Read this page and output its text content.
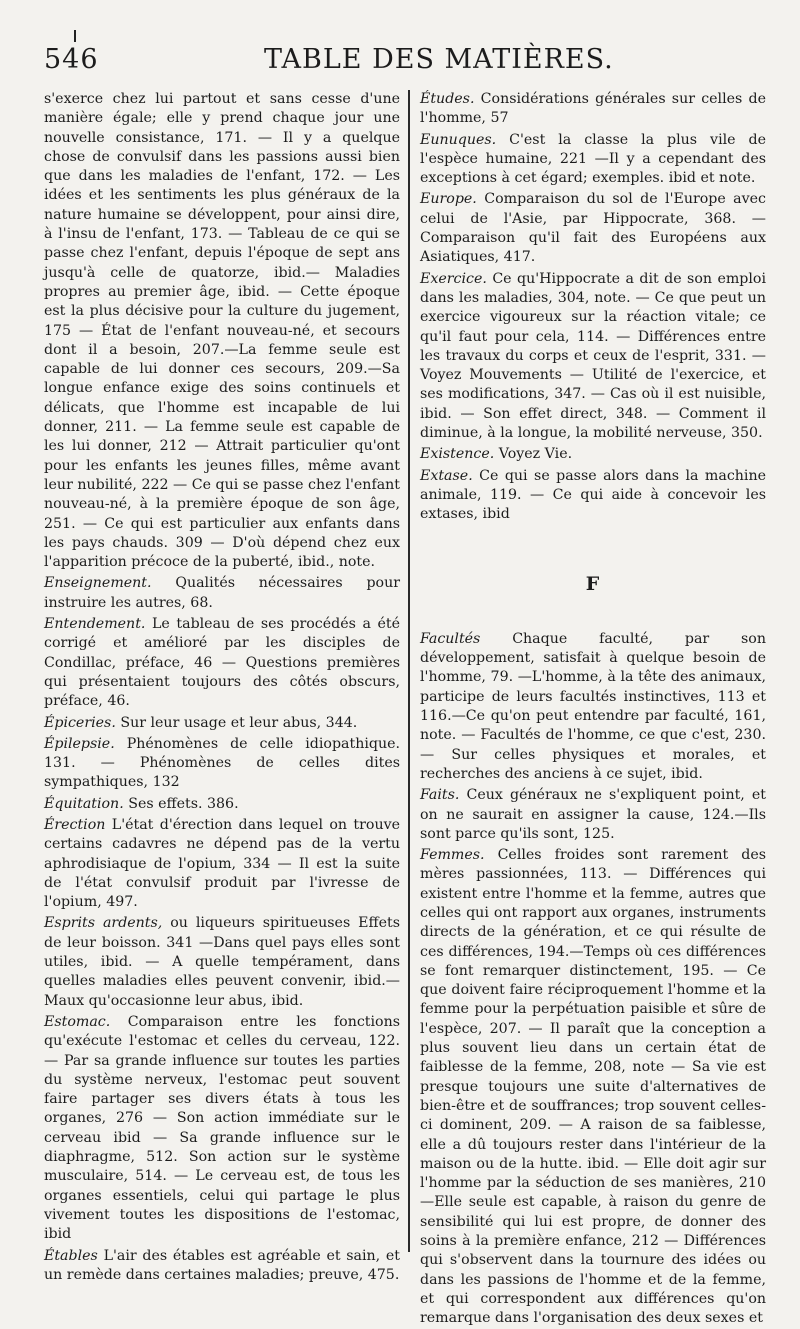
546	TABLE DES MATIÈRES.
s'exerce chez lui partout et sans cesse d'une manière égale; elle y prend chaque jour une nouvelle consistance, 171. — Il y a quelque chose de convulsif dans les passions aussi bien que dans les maladies de l'enfant, 172. — Les idées et les sentiments les plus généraux de la nature humaine se développent, pour ainsi dire, à l'insu de l'enfant, 173. — Tableau de ce qui se passe chez l'enfant, depuis l'époque de sept ans jusqu'à celle de quatorze, ibid.— Maladies propres au premier âge, ibid. — Cette époque est la plus décisive pour la culture du jugement, 175 — État de l'enfant nouveau-né, et secours dont il a besoin, 207.—La femme seule est capable de lui donner ces secours, 209.—Sa longue enfance exige des soins continuels et délicats, que l'homme est incapable de lui donner, 211. — La femme seule est capable de les lui donner, 212 — Attrait particulier qu'ont pour les enfants les jeunes filles, même avant leur nubilité, 222 — Ce qui se passe chez l'enfant nouveau-né, à la première époque de son âge, 251. — Ce qui est particulier aux enfants dans les pays chauds. 309 — D'où dépend chez eux l'apparition précoce de la puberté, ibid., note.
Enseignement. Qualités nécessaires pour instruire les autres, 68.
Entendement. Le tableau de ses procédés a été corrigé et amélioré par les disciples de Condillac, préface, 46 — Questions premières qui présentaient toujours des côtés obscurs, préface, 46.
Épiceries. Sur leur usage et leur abus, 344.
Épilepsie. Phénomènes de celle idiopathique. 131. — Phénomènes de celles dites sympathiques, 132
Équitation. Ses effets. 386.
Érection L'état d'érection dans lequel on trouve certains cadavres ne dépend pas de la vertu aphrodisiaque de l'opium, 334 — Il est la suite de l'état convulsif produit par l'ivresse de l'opium, 497.
Esprits ardents, ou liqueurs spiritueuses Effets de leur boisson. 341 —Dans quel pays elles sont utiles, ibid. — A quelle tempérament, dans quelles maladies elles peuvent convenir, ibid.— Maux qu'occasionne leur abus, ibid.
Estomac. Comparaison entre les fonctions qu'exécute l'estomac et celles du cerveau, 122. — Par sa grande influence sur toutes les parties du système nerveux, l'estomac peut souvent faire partager ses divers états à tous les organes, 276 — Son action immédiate sur le cerveau ibid — Sa grande influence sur le diaphragme, 512. Son action sur le système musculaire, 514. — Le cerveau est, de tous les organes essentiels, celui qui partage le plus vivement toutes les dispositions de l'estomac, ibid
Étables L'air des étables est agréable et sain, et un remède dans certaines maladies; preuve, 475.
Études. Considérations générales sur celles de l'homme, 57
Eunuques. C'est la classe la plus vile de l'espèce humaine, 221 —Il y a cependant des exceptions à cet égard; exemples. ibid et note.
Europe. Comparaison du sol de l'Europe avec celui de l'Asie, par Hippocrate, 368. — Comparaison qu'il fait des Européens aux Asiatiques, 417.
Exercice. Ce qu'Hippocrate a dit de son emploi dans les maladies, 304, note. — Ce que peut un exercice vigoureux sur la réaction vitale; ce qu'il faut pour cela, 114. — Différences entre les travaux du corps et ceux de l'esprit, 331. — Voyez Mouvements — Utilité de l'exercice, et ses modifications, 347. — Cas où il est nuisible, ibid. — Son effet direct, 348. — Comment il diminue, à la longue, la mobilité nerveuse, 350.
Existence. Voyez Vie.
Extase. Ce qui se passe alors dans la machine animale, 119. — Ce qui aide à concevoir les extases, ibid
F
Facultés Chaque faculté, par son développement, satisfait à quelque besoin de l'homme, 79. —L'homme, à la tête des animaux, participe de leurs facultés instinctives, 113 et 116.—Ce qu'on peut entendre par faculté, 161, note. — Facultés de l'homme, ce que c'est, 230. — Sur celles physiques et morales, et recherches des anciens à ce sujet, ibid.
Faits. Ceux généraux ne s'expliquent point, et on ne saurait en assigner la cause, 124.—Ils sont parce qu'ils sont, 125.
Femmes. Celles froides sont rarement des mères passionnées, 113. — Différences qui existent entre l'homme et la femme, autres que celles qui ont rapport aux organes, instruments directs de la génération, et ce qui résulte de ces différences, 194.—Temps où ces différences se font remarquer distinctement, 195. — Ce que doivent faire réciproquement l'homme et la femme pour la perpétuation paisible et sûre de l'espèce, 207. — Il paraît que la conception a plus souvent lieu dans un certain état de faiblesse de la femme, 208, note — Sa vie est presque toujours une suite d'alternatives de bien-être et de souffrances; trop souvent celles-ci dominent, 209. — A raison de sa faiblesse, elle a dû toujours rester dans l'intérieur de la maison ou de la hutte. ibid. — Elle doit agir sur l'homme par la séduction de ses manières, 210 —Elle seule est capable, à raison du genre de sensibilité qui lui est propre, de donner des soins à la première enfance, 212 — Différences qui s'observent dans la tournure des idées ou dans les passions de l'homme et de la femme, et qui correspondent aux différences qu'on remarque dans l'organisation des deux sexes et
